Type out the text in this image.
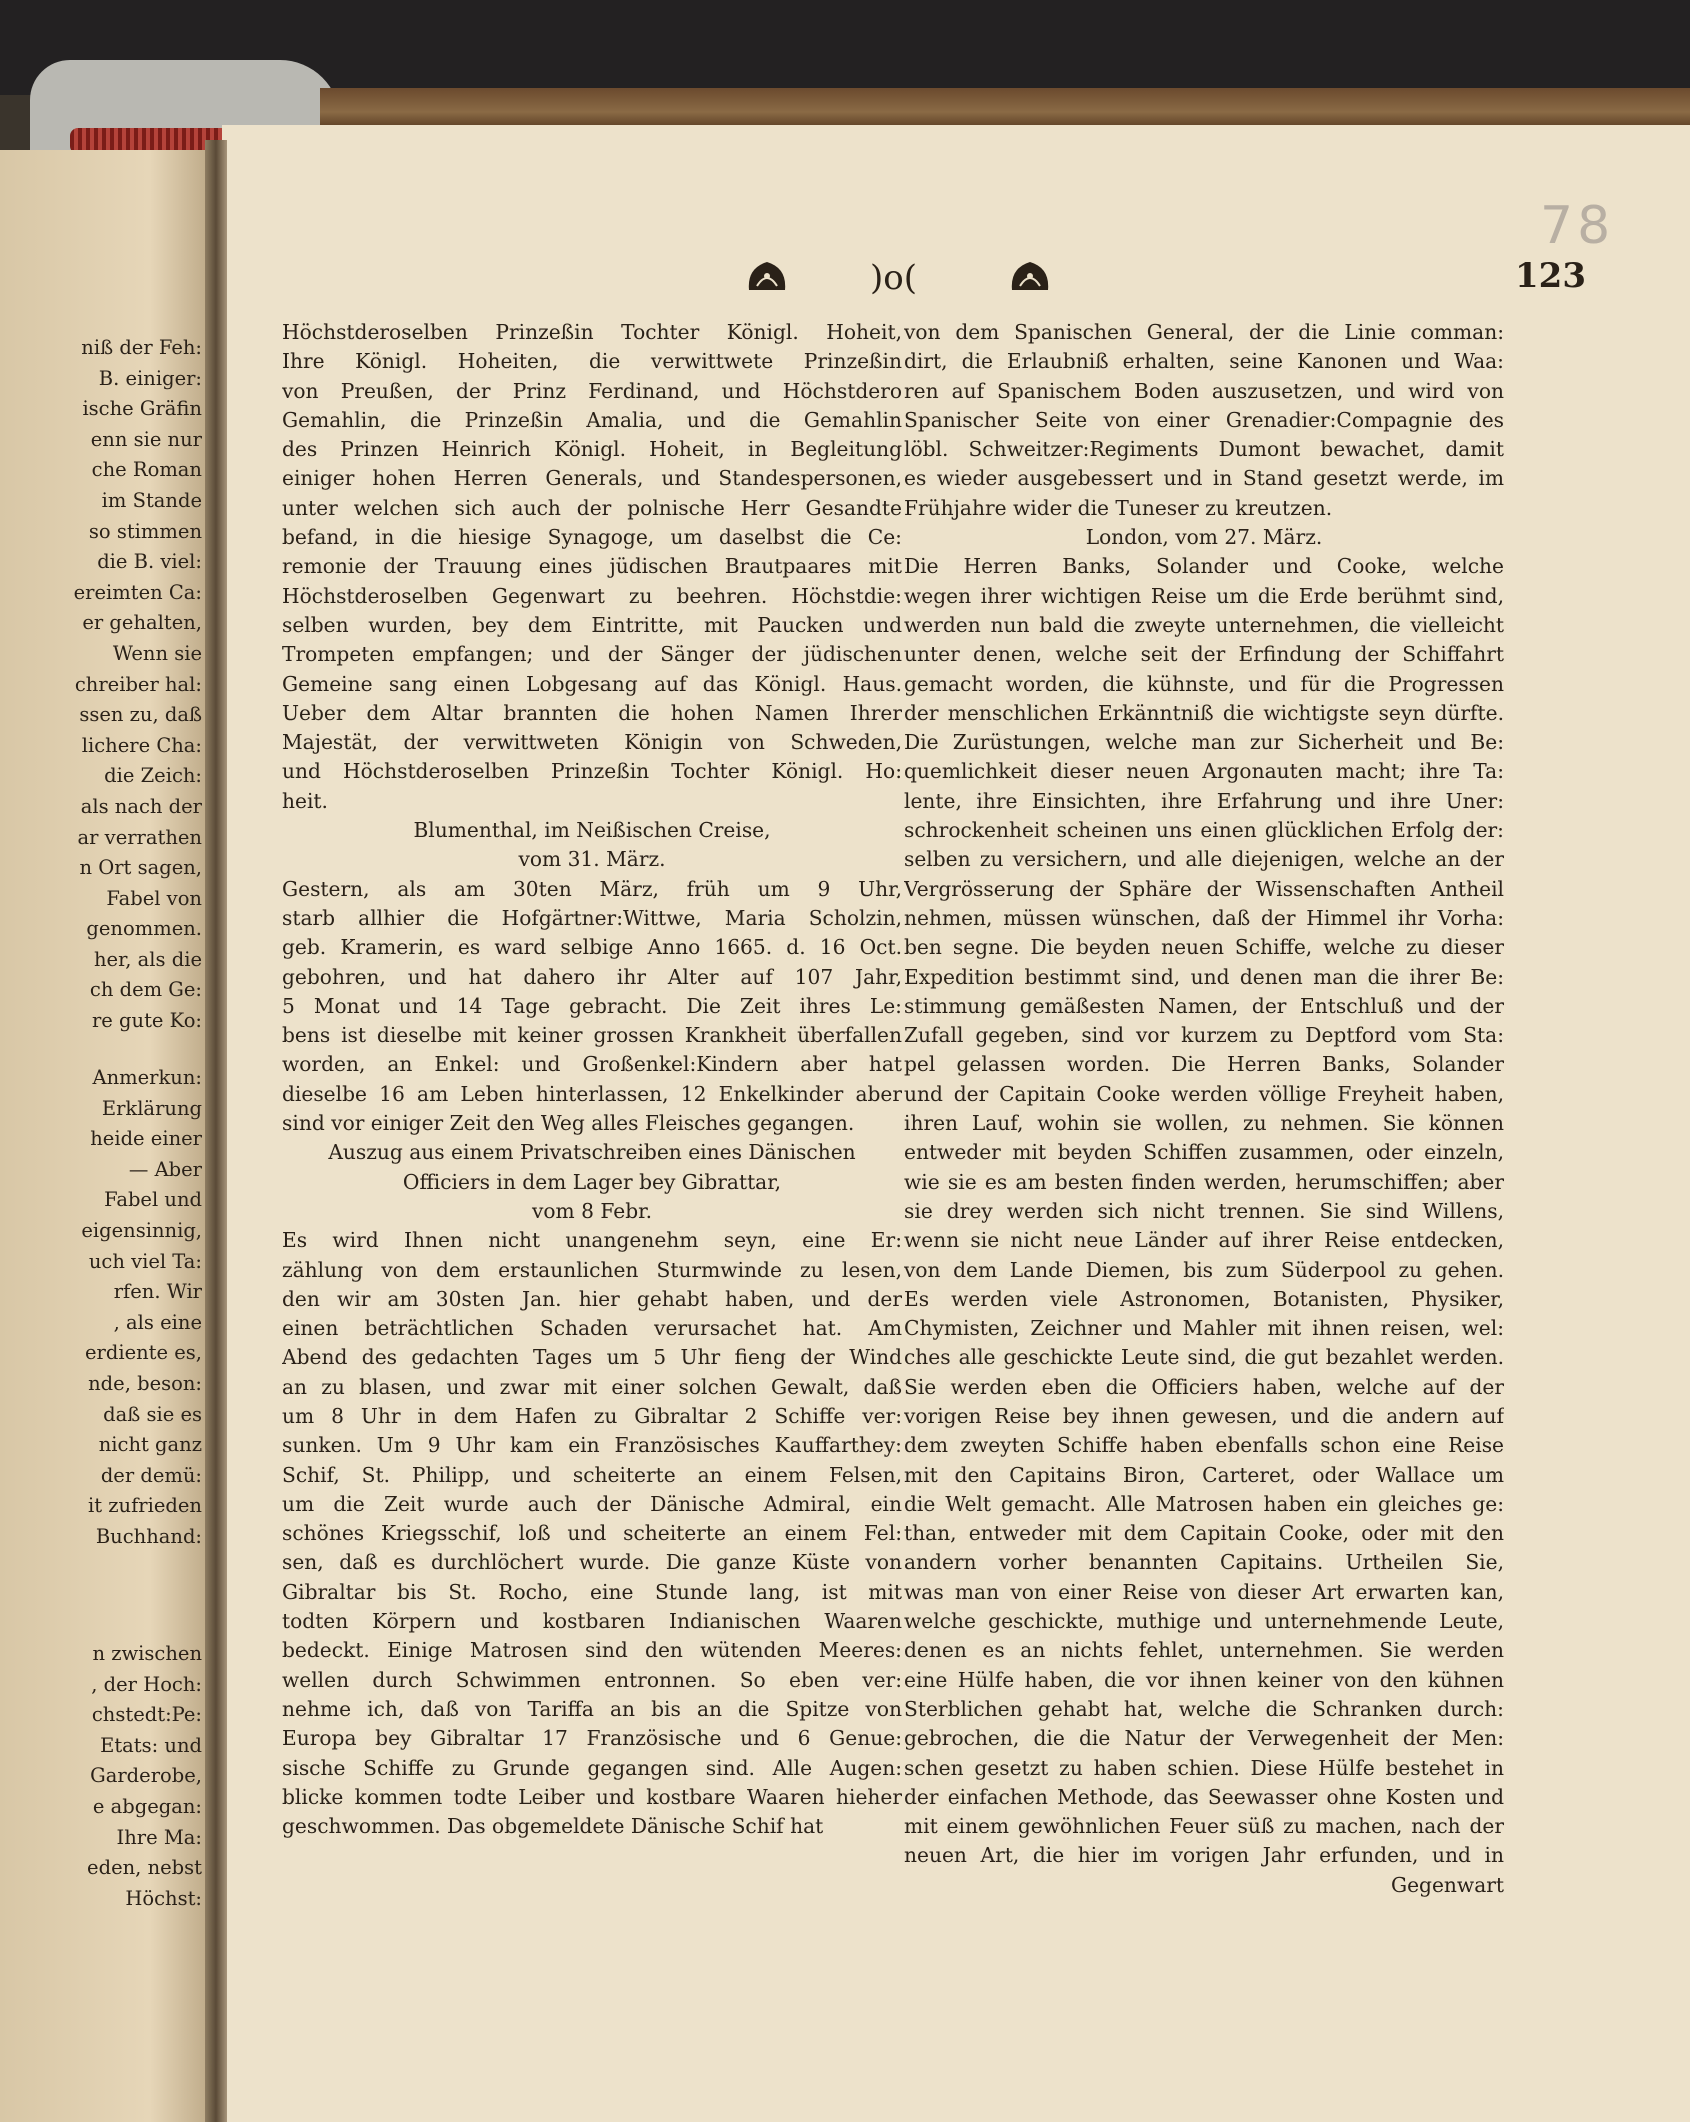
niß der Feh:
B. einiger:
ische Gräfin
enn sie nur
che Roman
im Stande
so stimmen
die B. viel:
ereimten Ca:
er gehalten,
Wenn sie
chreiber hal:
ssen zu, daß
lichere Cha:
die Zeich:
als nach der
ar verrathen
n Ort sagen,
Fabel von
genommen.
her, als die
ch dem Ge:
re gute Ko:
Anmerkun:
Erklärung
heide einer
— Aber
Fabel und
eigensinnig,
uch viel Ta:
rfen. Wir
, als eine
erdiente es,
nde, beson:
daß sie es
nicht ganz
der demü:
it zufrieden
Buchhand:
n zwischen
, der Hoch:
chstedt:Pe:
Etats: und
Garderobe,
e abgegan:
Ihre Ma:
eden, nebst
Höchst:
78
)o(	123
Höchstderoselben Prinzeßin Tochter Königl. Hoheit,
Ihre Königl. Hoheiten, die verwittwete Prinzeßin
von Preußen, der Prinz Ferdinand, und Höchstdero
Gemahlin, die Prinzeßin Amalia, und die Gemahlin
des Prinzen Heinrich Königl. Hoheit, in Begleitung
einiger hohen Herren Generals, und Standespersonen,
unter welchen sich auch der polnische Herr Gesandte
befand, in die hiesige Synagoge, um daselbst die Ce:
remonie der Trauung eines jüdischen Brautpaares mit
Höchstderoselben Gegenwart zu beehren. Höchstdie:
selben wurden, bey dem Eintritte, mit Paucken und
Trompeten empfangen; und der Sänger der jüdischen
Gemeine sang einen Lobgesang auf das Königl. Haus.
Ueber dem Altar brannten die hohen Namen Ihrer
Majestät, der verwittweten Königin von Schweden,
und Höchstderoselben Prinzeßin Tochter Königl. Ho:
heit.
Blumenthal, im Neißischen Creise,
vom 31. März.
Gestern, als am 30ten März, früh um 9 Uhr,
starb allhier die Hofgärtner:Wittwe, Maria Scholzin,
geb. Kramerin, es ward selbige Anno 1665. d. 16 Oct.
gebohren, und hat dahero ihr Alter auf 107 Jahr,
5 Monat und 14 Tage gebracht. Die Zeit ihres Le:
bens ist dieselbe mit keiner grossen Krankheit überfallen
worden, an Enkel: und Großenkel:Kindern aber hat
dieselbe 16 am Leben hinterlassen, 12 Enkelkinder aber
sind vor einiger Zeit den Weg alles Fleisches gegangen.
Auszug aus einem Privatschreiben eines Dänischen
Officiers in dem Lager bey Gibrattar,
vom 8 Febr.
Es wird Ihnen nicht unangenehm seyn, eine Er:
zählung von dem erstaunlichen Sturmwinde zu lesen,
den wir am 30sten Jan. hier gehabt haben, und der
einen beträchtlichen Schaden verursachet hat. Am
Abend des gedachten Tages um 5 Uhr fieng der Wind
an zu blasen, und zwar mit einer solchen Gewalt, daß
um 8 Uhr in dem Hafen zu Gibraltar 2 Schiffe ver:
sunken. Um 9 Uhr kam ein Französisches Kauffarthey:
Schif, St. Philipp, und scheiterte an einem Felsen,
um die Zeit wurde auch der Dänische Admiral, ein
schönes Kriegsschif, loß und scheiterte an einem Fel:
sen, daß es durchlöchert wurde. Die ganze Küste von
Gibraltar bis St. Rocho, eine Stunde lang, ist mit
todten Körpern und kostbaren Indianischen Waaren
bedeckt. Einige Matrosen sind den wütenden Meeres:
wellen durch Schwimmen entronnen. So eben ver:
nehme ich, daß von Tariffa an bis an die Spitze von
Europa bey Gibraltar 17 Französische und 6 Genue:
sische Schiffe zu Grunde gegangen sind. Alle Augen:
blicke kommen todte Leiber und kostbare Waaren hieher
geschwommen. Das obgemeldete Dänische Schif hat
von dem Spanischen General, der die Linie comman:
dirt, die Erlaubniß erhalten, seine Kanonen und Waa:
ren auf Spanischem Boden auszusetzen, und wird von
Spanischer Seite von einer Grenadier:Compagnie des
löbl. Schweitzer:Regiments Dumont bewachet, damit
es wieder ausgebessert und in Stand gesetzt werde, im
Frühjahre wider die Tuneser zu kreutzen.
London, vom 27. März.
Die Herren Banks, Solander und Cooke, welche
wegen ihrer wichtigen Reise um die Erde berühmt sind,
werden nun bald die zweyte unternehmen, die vielleicht
unter denen, welche seit der Erfindung der Schiffahrt
gemacht worden, die kühnste, und für die Progressen
der menschlichen Erkänntniß die wichtigste seyn dürfte.
Die Zurüstungen, welche man zur Sicherheit und Be:
quemlichkeit dieser neuen Argonauten macht; ihre Ta:
lente, ihre Einsichten, ihre Erfahrung und ihre Uner:
schrockenheit scheinen uns einen glücklichen Erfolg der:
selben zu versichern, und alle diejenigen, welche an der
Vergrösserung der Sphäre der Wissenschaften Antheil
nehmen, müssen wünschen, daß der Himmel ihr Vorha:
ben segne. Die beyden neuen Schiffe, welche zu dieser
Expedition bestimmt sind, und denen man die ihrer Be:
stimmung gemäßesten Namen, der Entschluß und der
Zufall gegeben, sind vor kurzem zu Deptford vom Sta:
pel gelassen worden. Die Herren Banks, Solander
und der Capitain Cooke werden völlige Freyheit haben,
ihren Lauf, wohin sie wollen, zu nehmen. Sie können
entweder mit beyden Schiffen zusammen, oder einzeln,
wie sie es am besten finden werden, herumschiffen; aber
sie drey werden sich nicht trennen. Sie sind Willens,
wenn sie nicht neue Länder auf ihrer Reise entdecken,
von dem Lande Diemen, bis zum Süderpool zu gehen.
Es werden viele Astronomen, Botanisten, Physiker,
Chymisten, Zeichner und Mahler mit ihnen reisen, wel:
ches alle geschickte Leute sind, die gut bezahlet werden.
Sie werden eben die Officiers haben, welche auf der
vorigen Reise bey ihnen gewesen, und die andern auf
dem zweyten Schiffe haben ebenfalls schon eine Reise
mit den Capitains Biron, Carteret, oder Wallace um
die Welt gemacht. Alle Matrosen haben ein gleiches ge:
than, entweder mit dem Capitain Cooke, oder mit den
andern vorher benannten Capitains. Urtheilen Sie,
was man von einer Reise von dieser Art erwarten kan,
welche geschickte, muthige und unternehmende Leute,
denen es an nichts fehlet, unternehmen. Sie werden
eine Hülfe haben, die vor ihnen keiner von den kühnen
Sterblichen gehabt hat, welche die Schranken durch:
gebrochen, die die Natur der Verwegenheit der Men:
schen gesetzt zu haben schien. Diese Hülfe bestehet in
der einfachen Methode, das Seewasser ohne Kosten und
mit einem gewöhnlichen Feuer süß zu machen, nach der
neuen Art, die hier im vorigen Jahr erfunden, und in
Gegenwart
